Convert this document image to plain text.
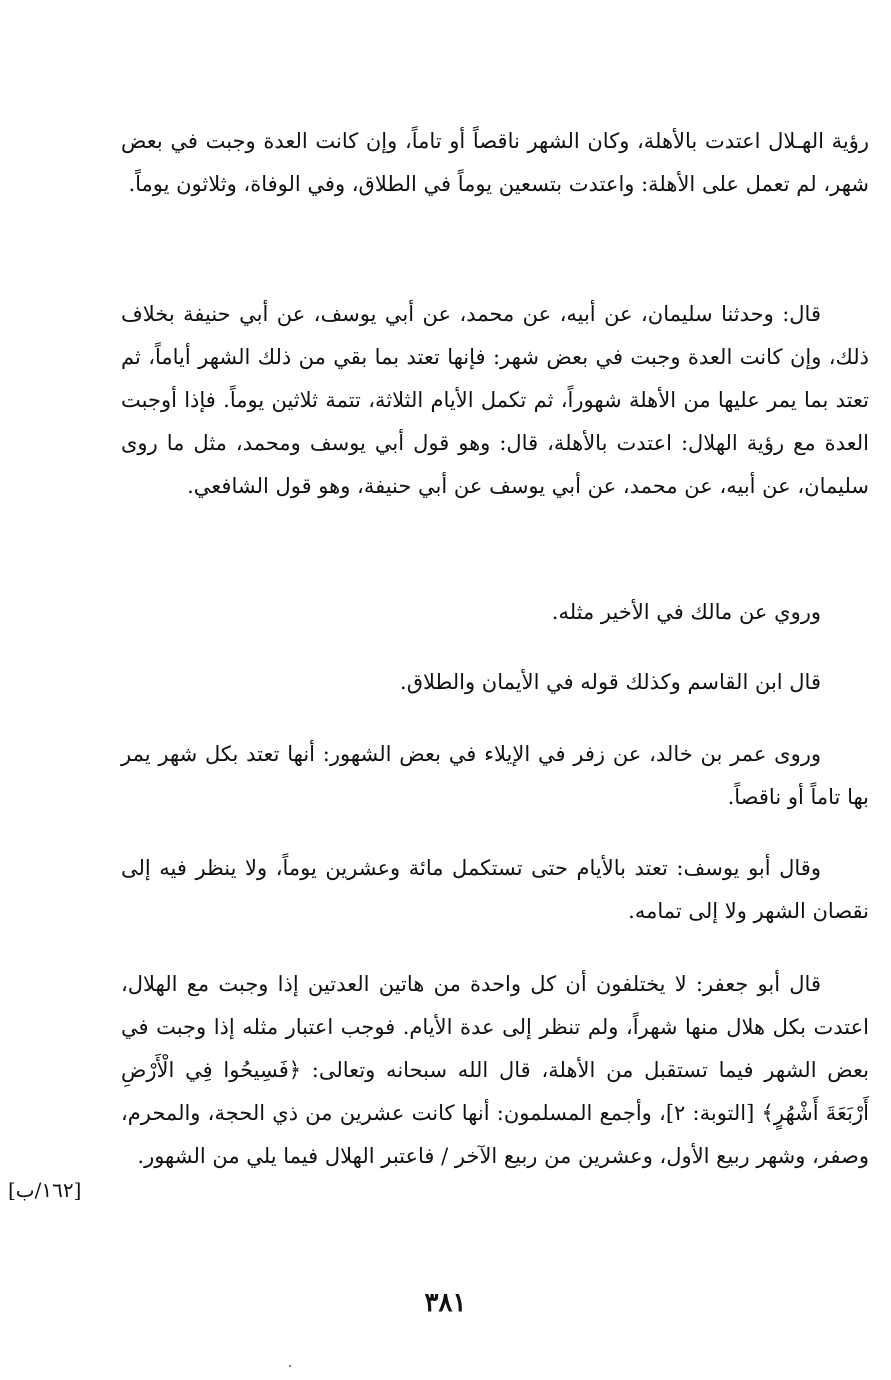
رؤية الهـلال اعتدت بالأهلة، وكان الشهر ناقصاً أو تاماً، وإن كانت العدة وجبت في بعض شهر، لم تعمل على الأهلة: واعتدت بتسعين يوماً في الطلاق، وفي الوفاة، وثلاثون يوماً.

قال: وحدثنا سليمان، عن أبيه، عن محمد، عن أبي يوسف، عن أبي حنيفة بخلاف ذلك، وإن كانت العدة وجبت في بعض شهر: فإنها تعتد بما بقي من ذلك الشهر أياماً، ثم تعتد بما يمر عليها من الأهلة شهوراً، ثم تكمل الأيام الثلاثة، تتمة ثلاثين يوماً. فإذا أوجبت العدة مع رؤية الهلال: اعتدت بالأهلة، قال: وهو قول أبي يوسف ومحمد، مثل ما روى سليمان، عن أبيه، عن محمد، عن أبي يوسف عن أبي حنيفة، وهو قول الشافعي.

وروي عن مالك في الأخير مثله.

قال ابن القاسم وكذلك قوله في الأيمان والطلاق.

وروى عمر بن خالد، عن زفر في الإيلاء في بعض الشهور: أنها تعتد بكل شهر يمر بها تاماً أو ناقصاً.

وقال أبو يوسف: تعتد بالأيام حتى تستكمل مائة وعشرين يوماً، ولا ينظر فيه إلى نقصان الشهر ولا إلى تمامه.

قال أبو جعفر: لا يختلفون أن كل واحدة من هاتين العدتين إذا وجبت مع الهلال، اعتدت بكل هلال منها شهراً، ولم تنظر إلى عدة الأيام. فوجب اعتبار مثله إذا وجبت في بعض الشهر فيما تستقبل من الأهلة، قال الله سبحانه وتعالى: ﴿فَسِيحُوا فِي الْأَرْضِ أَرْبَعَةَ أَشْهُرٍ﴾ [التوبة: ٢]، وأجمع المسلمون: أنها كانت عشرين من ذي الحجة، والمحرم، وصفر، وشهر ربيع الأول، وعشرين من ربيع الآخر / فاعتبر الهلال فيما يلي من الشهور.

[١٦٢/ب]
٣٨١
